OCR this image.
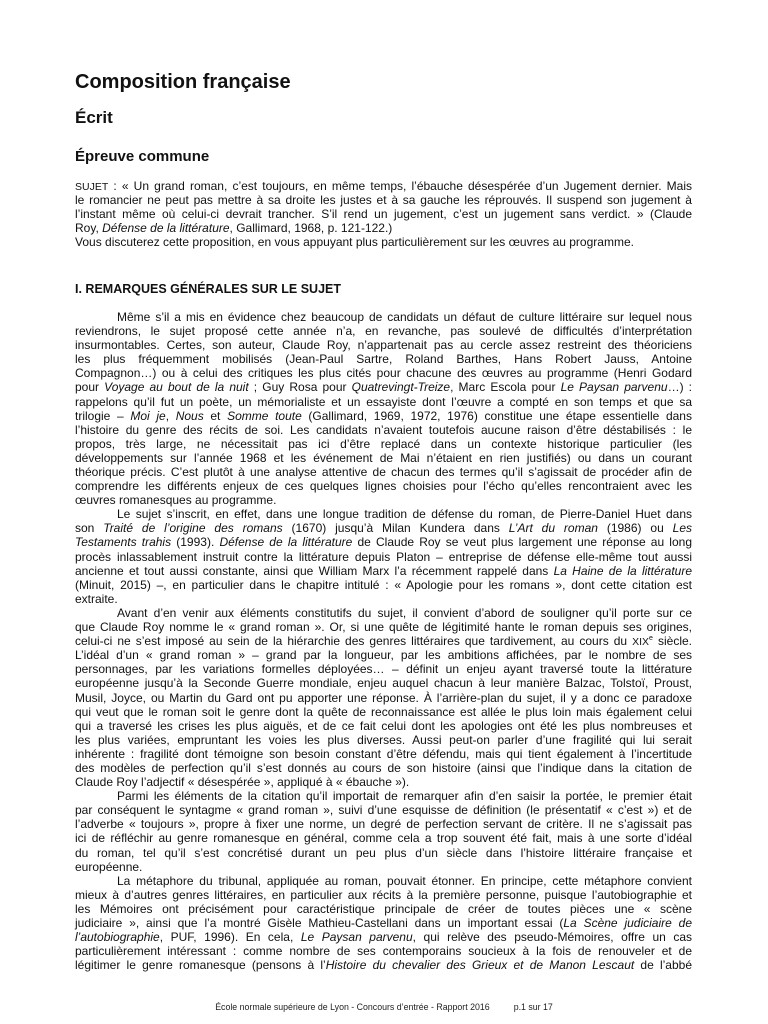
Composition française
Écrit
Épreuve commune
SUJET : « Un grand roman, c’est toujours, en même temps, l’ébauche désespérée d’un Jugement dernier. Mais
le romancier ne peut pas mettre à sa droite les justes et à sa gauche les réprouvés. Il suspend son jugement à
l’instant même où celui-ci devrait trancher. S’il rend un jugement, c’est un jugement sans verdict. » (Claude
Roy, Défense de la littérature, Gallimard, 1968, p. 121-122.)
Vous discuterez cette proposition, en vous appuyant plus particulièrement sur les œuvres au programme.
I. REMARQUES GÉNÉRALES SUR LE SUJET
Même s’il a mis en évidence chez beaucoup de candidats un défaut de culture littéraire sur lequel nous
reviendrons, le sujet proposé cette année n’a, en revanche, pas soulevé de difficultés d’interprétation
insurmontables. Certes, son auteur, Claude Roy, n’appartenait pas au cercle assez restreint des théoriciens
les plus fréquemment mobilisés (Jean-Paul Sartre, Roland Barthes, Hans Robert Jauss, Antoine
Compagnon…) ou à celui des critiques les plus cités pour chacune des œuvres au programme (Henri Godard
pour Voyage au bout de la nuit ; Guy Rosa pour Quatrevingt-Treize, Marc Escola pour Le Paysan parvenu…) :
rappelons qu’il fut un poète, un mémorialiste et un essayiste dont l’œuvre a compté en son temps et que sa
trilogie – Moi je, Nous et Somme toute (Gallimard, 1969, 1972, 1976) constitue une étape essentielle dans
l’histoire du genre des récits de soi. Les candidats n’avaient toutefois aucune raison d’être déstabilisés : le
propos, très large, ne nécessitait pas ici d’être replacé dans un contexte historique particulier (les
développements sur l’année 1968 et les événement de Mai n’étaient en rien justifiés) ou dans un courant
théorique précis. C’est plutôt à une analyse attentive de chacun des termes qu’il s’agissait de procéder afin de
comprendre les différents enjeux de ces quelques lignes choisies pour l’écho qu’elles rencontraient avec les
œuvres romanesques au programme.
Le sujet s’inscrit, en effet, dans une longue tradition de défense du roman, de Pierre-Daniel Huet dans
son Traité de l’origine des romans (1670) jusqu’à Milan Kundera dans L’Art du roman (1986) ou Les
Testaments trahis (1993). Défense de la littérature de Claude Roy se veut plus largement une réponse au long
procès inlassablement instruit contre la littérature depuis Platon – entreprise de défense elle-même tout aussi
ancienne et tout aussi constante, ainsi que William Marx l’a récemment rappelé dans La Haine de la littérature
(Minuit, 2015) –, en particulier dans le chapitre intitulé : « Apologie pour les romans », dont cette citation est
extraite.
Avant d’en venir aux éléments constitutifs du sujet, il convient d’abord de souligner qu’il porte sur ce
que Claude Roy nomme le « grand roman ». Or, si une quête de légitimité hante le roman depuis ses origines,
celui-ci ne s’est imposé au sein de la hiérarchie des genres littéraires que tardivement, au cours du XIXe siècle.
L’idéal d’un « grand roman » – grand par la longueur, par les ambitions affichées, par le nombre de ses
personnages, par les variations formelles déployées… – définit un enjeu ayant traversé toute la littérature
européenne jusqu’à la Seconde Guerre mondiale, enjeu auquel chacun à leur manière Balzac, Tolstoï, Proust,
Musil, Joyce, ou Martin du Gard ont pu apporter une réponse. À l’arrière-plan du sujet, il y a donc ce paradoxe
qui veut que le roman soit le genre dont la quête de reconnaissance est allée le plus loin mais également celui
qui a traversé les crises les plus aiguës, et de ce fait celui dont les apologies ont été les plus nombreuses et
les plus variées, empruntant les voies les plus diverses. Aussi peut-on parler d’une fragilité qui lui serait
inhérente : fragilité dont témoigne son besoin constant d’être défendu, mais qui tient également à l’incertitude
des modèles de perfection qu’il s’est donnés au cours de son histoire (ainsi que l’indique dans la citation de
Claude Roy l’adjectif « désespérée », appliqué à « ébauche »).
Parmi les éléments de la citation qu’il importait de remarquer afin d’en saisir la portée, le premier était
par conséquent le syntagme « grand roman », suivi d’une esquisse de définition (le présentatif « c’est ») et de
l’adverbe « toujours », propre à fixer une norme, un degré de perfection servant de critère. Il ne s’agissait pas
ici de réfléchir au genre romanesque en général, comme cela a trop souvent été fait, mais à une sorte d’idéal
du roman, tel qu’il s’est concrétisé durant un peu plus d’un siècle dans l’histoire littéraire française et
européenne.
La métaphore du tribunal, appliquée au roman, pouvait étonner. En principe, cette métaphore convient
mieux à d’autres genres littéraires, en particulier aux récits à la première personne, puisque l’autobiographie et
les Mémoires ont précisément pour caractéristique principale de créer de toutes pièces une « scène
judiciaire », ainsi que l’a montré Gisèle Mathieu-Castellani dans un important essai (La Scène judiciaire de
l’autobiographie, PUF, 1996). En cela, Le Paysan parvenu, qui relève des pseudo-Mémoires, offre un cas
particulièrement intéressant : comme nombre de ses contemporains soucieux à la fois de renouveler et de
légitimer le genre romanesque (pensons à l’Histoire du chevalier des Grieux et de Manon Lescaut de l’abbé
École normale supérieure de Lyon - Concours d’entrée - Rapport 2016	p.1 sur 17
